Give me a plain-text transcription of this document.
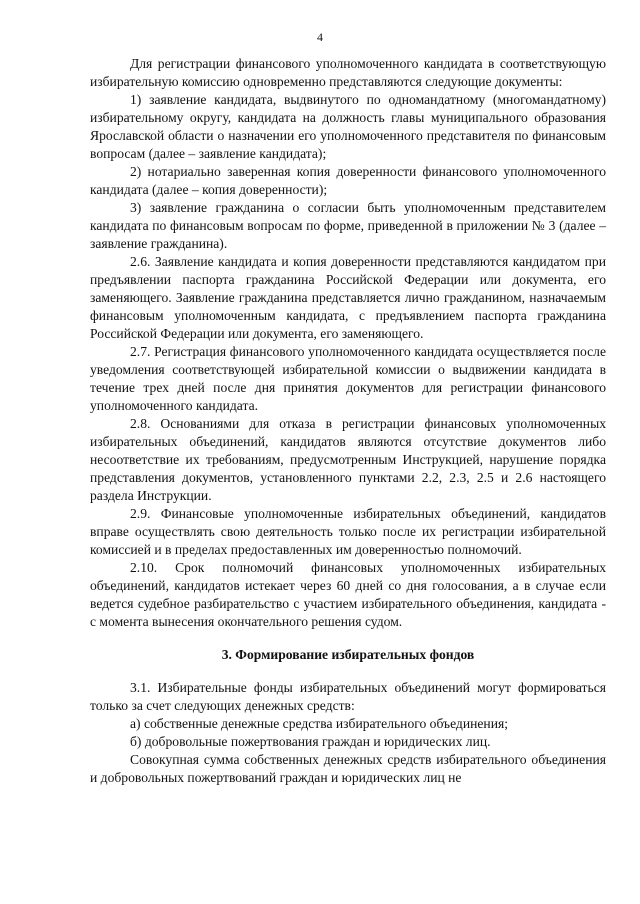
4

Для регистрации финансового уполномоченного кандидата в соответствующую избирательную комиссию одновременно представляются следующие документы:

1) заявление кандидата, выдвинутого по одномандатному (многомандатному) избирательному округу, кандидата на должность главы муниципального образования Ярославской области о назначении его уполномоченного представителя по финансовым вопросам (далее – заявление кандидата);

2) нотариально заверенная копия доверенности финансового уполномоченного кандидата (далее – копия доверенности);

3) заявление гражданина о согласии быть уполномоченным представителем кандидата по финансовым вопросам по форме, приведенной в приложении № 3 (далее – заявление гражданина).

2.6. Заявление кандидата и копия доверенности представляются кандидатом при предъявлении паспорта гражданина Российской Федерации или документа, его заменяющего. Заявление гражданина представляется лично гражданином, назначаемым финансовым уполномоченным кандидата, с предъявлением паспорта гражданина Российской Федерации или документа, его заменяющего.

2.7. Регистрация финансового уполномоченного кандидата осуществляется после уведомления соответствующей избирательной комиссии о выдвижении кандидата в течение трех дней после дня принятия документов для регистрации финансового уполномоченного кандидата.

2.8. Основаниями для отказа в регистрации финансовых уполномоченных избирательных объединений, кандидатов являются отсутствие документов либо несоответствие их требованиям, предусмотренным Инструкцией, нарушение порядка представления документов, установленного пунктами 2.2, 2.3, 2.5 и 2.6 настоящего раздела Инструкции.

2.9. Финансовые уполномоченные избирательных объединений, кандидатов вправе осуществлять свою деятельность только после их регистрации избирательной комиссией и в пределах предоставленных им доверенностью полномочий.

2.10. Срок полномочий финансовых уполномоченных избирательных объединений, кандидатов истекает через 60 дней со дня голосования, а в случае если ведется судебное разбирательство с участием избирательного объединения, кандидата - с момента вынесения окончательного решения судом.

3. Формирование избирательных фондов

3.1. Избирательные фонды избирательных объединений могут формироваться только за счет следующих денежных средств:

а) собственные денежные средства избирательного объединения;

б) добровольные пожертвования граждан и юридических лиц.

Совокупная сумма собственных денежных средств избирательного объединения и добровольных пожертвований граждан и юридических лиц не
